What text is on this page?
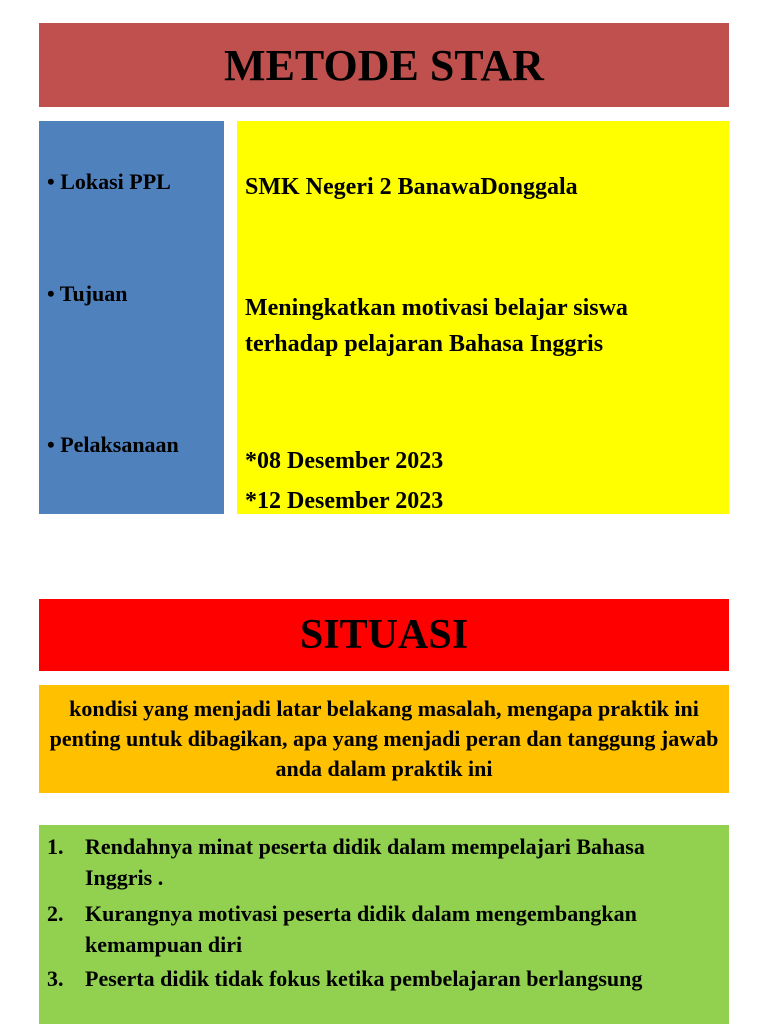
METODE STAR
• Lokasi PPL
• Tujuan
• Pelaksanaan
SMK Negeri 2 BanawaDonggala
Meningkatkan motivasi belajar siswa terhadap pelajaran Bahasa Inggris
*08 Desember 2023
*12 Desember 2023
SITUASI
kondisi yang menjadi latar belakang masalah, mengapa praktik ini penting untuk dibagikan, apa yang menjadi peran dan tanggung jawab anda dalam praktik ini
1. Rendahnya minat peserta didik dalam mempelajari Bahasa Inggris .
2. Kurangnya motivasi peserta didik dalam mengembangkan kemampuan diri
3. Peserta didik tidak fokus ketika pembelajaran berlangsung
